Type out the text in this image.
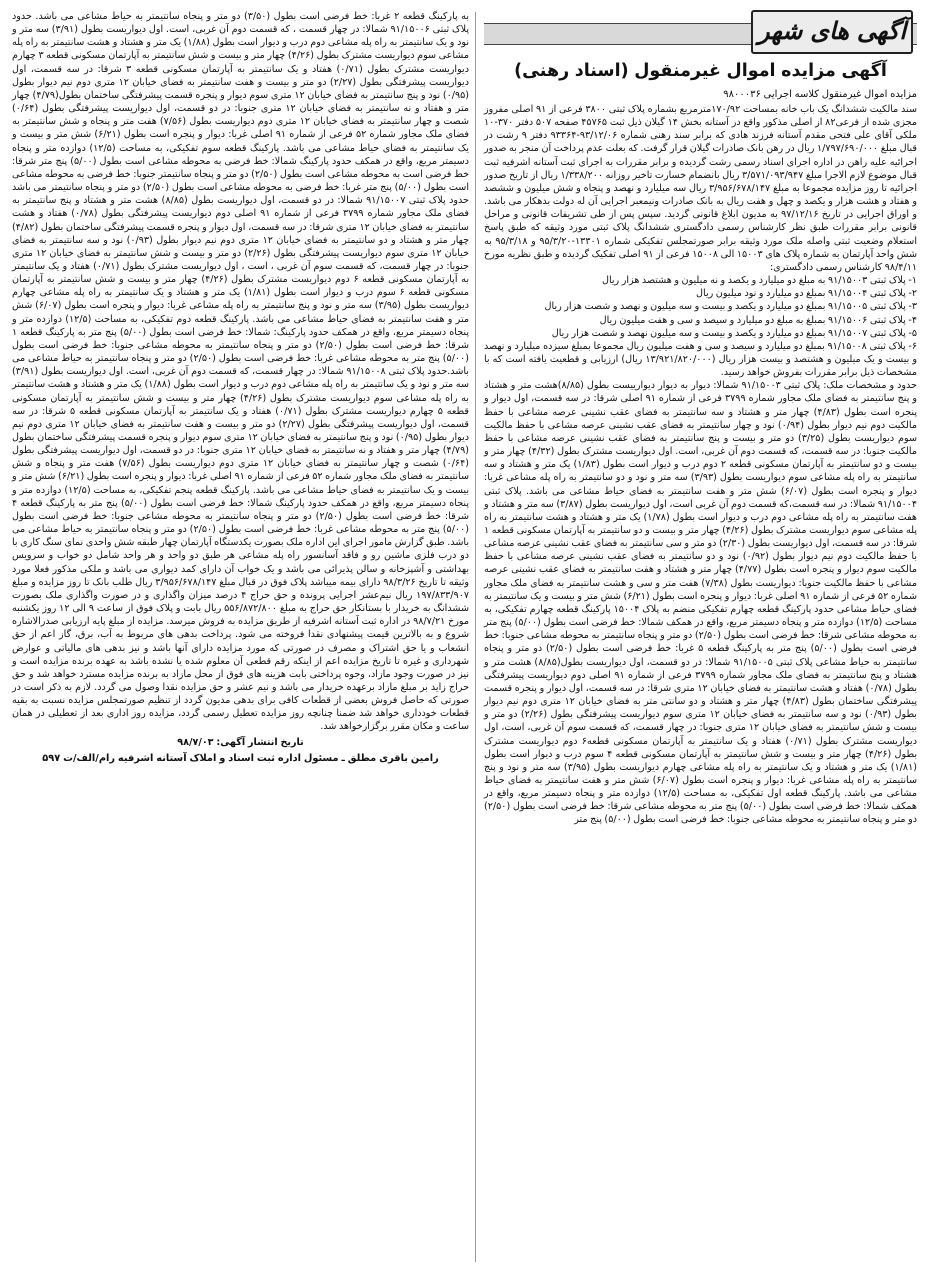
آگهی های شهر
آگهی مزایده اموال غیرمنقول (اسناد رهنی)
مزایده اموال غیرمنقول کلاسه اجرایی ۹۸۰۰۰۳۶

سند مالکیت ششدانگ یک باب خانه بمساحت ۱۷۰/۹۲مترمربع بشماره پلاک ثبتی ۳۸۰۰ فرعی از ۹۱ اصلی مفروز مجزی شده از فرعی۸۲ از اصلی مذکور واقع در آستانه بخش ۱۴ گیلان ذیل ثبت ۴۵۷۶۵ صفحه ۵۰۷ دفتر ۳۷۰-۱۰ ملکی آقای علی فتحی مقدم آستانه فرزند هادی که برابر سند رهنی شماره ۹۳/۱۲/۰۶-۹۳۳۶۴ دفتر ۹ رشت در قبال مبلغ ۱/۷۹۷/۶۹۰/۰۰۰ ریال در رهن بانک صادرات گیلان قرار گرفت. که بعلت عدم پرداخت آن منجر به صدور اجرائیه علیه راهن در اداره اجرای اسناد رسمی رشت گردیده و برابر مقررات به اجرای ثبت آستانه اشرفیه ثبت قبال موضوع لازم الاجرا مبلغ ۳/۵۷۱/۰۹۳/۹۴۷ ریال بانضمام خسارت تاخیر روزانه ۱/۳۳۸/۲۰۰ ریال از تاریخ صدور اجرائیه تا روز مزایده مجموعا به مبلغ ۳/۹۵۶/۶۷۸/۱۴۷ ریال سه میلیارد و نهصد و پنجاه و شش میلیون و ششصد و هفتاد و هشت هزار و یکصد و چهل و هفت ریال به بانک صادرات ونیمعبر اجرایی آن له دولت بدهکار می باشد. و اوراق اجرایی در تاریخ ۹۷/۱۲/۱۶ به مدیون ابلاغ قانونی گردید. سپس پس از طی تشریفات قانونی و مراحل قانونی برابر مقررات طبق نظر کارشناس رسمی دادگستری ششدانگ پلاک ثبتی مورد وثیقه که طبق پاسخ استعلام وضعیت ثبتی واصله ملک مورد وثیقه برابر صورتمجلس تفکیکی شماره ۱۳۳۰۱-۹۵/۳/۲۰ و ۹۵/۳/۱۸ به شش واحد آپارتمان به شماره پلاک های ۱۵۰۰۳ الی ۱۵۰۰۸ فرعی از ۹۱ اصلی تفکیک گردیده و طبق نظریه مورخ ۹۸/۴/۱۱ کارشناس رسمی دادگستری:

۱- پلاک ثبتی ۹۱/۱۵۰۰۳ به مبلغ دو میلیارد و یکصد و نه میلیون و هشتصد هزار ریال

۲- پلاک ثبتی ۹۱/۱۵۰۰۴ بمبلغ دو میلیارد و نود میلیون ریال

۳- پلاک ثبتی ۹۱/۱۵۰۰۵ بمبلغ دو میلیارد و یکصد و بیست و سه میلیون و نهصد و شصت هزار ریال

۴- پلاک ثبتی ۹۱/۱۵۰۰۶ بمبلغ به مبلغ دو میلیارد و سیصد و سی و هفت میلیون ریال

۵- پلاک ثبتی ۹۱/۱۵۰۰۷ بمبلغ دو میلیارد و یکصد و بیست و سه میلیون نهصد و شصت هزار ریال

۶- پلاک ثبتی ۹۱/۱۵۰۰۸ بمبلغ دو میلیارد و سیصد و سی و هفت میلیون ریال مجموعا بمبلغ سیزده میلیارد و نهصد و بیست و یک میلیون و هشتصد و بیست هزار ریال (۱۳/۹۲۱/۸۲۰/۰۰۰ ریال) ارزیابی و قطعیت یافته است که با مشخصات ذیل برابر مقررات بفروش خواهد رسید.

حدود و مشخصات ملک: پلاک ثبتی ۹۱/۱۵۰۰۳ شمالا: دیوار به دیوار دیوارییست بطول (۸/۸۵)هشت متر و هشتاد و پنج سانتیمتر به فضای ملک مجاور شماره ۳۷۹۹ فرعی از شماره ۹۱ اصلی شرقا: در سه قسمت، اول دیوار و پنجره است بطول (۴/۸۳) چهار متر و هشتاد و سه سانتیمتر به فضای عقب نشینی عرصه مشاعی با حفظ مالکیت دوم نیم دیوار بطول (۰/۹۴) نود و چهار سانتیمتر به فضای عقب نشینی عرصه مشاعی با حفظ مالکیت سوم دیواریست بطول (۳/۲۵) دو متر و بیست و پنج سانتیمتر به فضای عقب نشینی عرصه مشاعی با حفظ مالکیت جنوبا: در سه قسمت، که قسمت دوم آن غربی، است. اول دیواریست مشترک بطول (۴/۳۲) چهار متر و بیست و دو سانتیمتر به آپارتمان مسکونی قطعه ۲ دوم درب و دیوار است بطول (۱/۸۳) یک متر و هشتاد و سه سانتیمتر به راه پله مشاعی سوم دیواریست بطول (۳/۹۳) سه متر و نود و دو سانتیمتر به راه پله مشاعی غربا: دیوار و پنجره است بطول (۶/۰۷) شش متر و هفت سانتیمتر به فضای حیاط مشاعی می باشد. پلاک ثبتی ۹۱/۱۵۰۰۴ شمالا: در سه قسمت،که قسمت دوم آن غربی است، اول دیواریست بطول (۳/۸۷) سه متر و هشتاد و هفت سانتیمتر به راه پله مشاعی دوم درب و دیوار است بطول (۱/۷۸) یک متر و هشتاد و هشت سانتیمتر به راه پله مشاعی سوم دیواریست مشترک بطول (۴/۲۶) چهار متر و بیست و دو سانتیمتر به آپارتمان مسکونی قطعه ۱ شرقا: در سه قسمت، اول دیواریست بطول (۲/۳۰) دو متر و سی سانتیمتر به فضای عقب نشینی عرصه مشاعی با حفظ مالکیت دوم نیم دیوار بطول (۰/۹۲) نود و دو سانتیمتر به فضای عقب نشینی عرصه مشاعی با حفظ مالکیت سوم دیوار و پنجره است بطول (۴/۷۷) چهار متر و هشتاد و هفت سانتیمتر به فضای عقب نشینی عرصه مشاعی با حفظ مالکیت جنوبا: دیواریست بطول (۷/۳۸) هفت متر و سی و هشت سانتیمتر به فضای ملک مجاور شماره ۵۲ فرعی از شماره ۹۱ اصلی غربا: دیوار و پنجره است بطول (۶/۲۱) شش متر و بیست و یک سانتیمتر به فضای حیاط مشاعی حدود پارکینگ قطعه چهارم تفکیکی منضم به پلاک ۱۵۰۰۴ پارکینگ قطعه چهارم تفکیکی، به مساحت (۱۲/۵) دوازده متر و پنجاه دسیمتر مربع، واقع در همکف شمالا: خط فرضی است بطول (۵/۰۰) پنج متر به محوطه مشاعی شرقا: خط فرضی است بطول (۲/۵۰) دو متر و پنجاه سانتیمتر به محوطه مشاعی جنوبا: خط فرضی است بطول (۵/۰۰) پنج متر به پارکینگ قطعه ۵ غربا: خط فرضی است بطول (۲/۵۰) دو متر و پنجاه سانتیمتر به حیاط مشاعی پلاک ثبتی ۹۱/۱۵۰۰۵ شمالا: در دو قسمت، اول دیواریست بطول(۸/۸۵) هشت متر و هشتاد و پنج سانتیمتر به فضای ملک مجاور شماره ۳۷۹۹ فرعی از شماره ۹۱ اصلی دوم دیواریست پیشرفتگی بطول (۰/۷۸) هفتاد و هشت سانتیمتر به فضای خیابان ۱۲ متری شرقا: در سه قسمت، اول دیوار و پنجره قسمت پیشرفتگی ساختمان بطول (۴/۸۳) چهار متر و هشتاد و دو سانتی متر به فضای خیابان ۱۲ متری دوم نیم دیوار بطول (۰/۹۳) نود و سه سانتیمتر به فضای خیابان ۱۲ متری سوم دیواریست پیشرفتگی بطول (۲/۲۶) دو متر و بیست و شش سانتیمتر به فضای خیابان ۱۲ متری جنوبا: در چهار قسمت، که قسمت سوم آن غربی، است، اول دیواریست مشترک بطول (۰/۷۱) هفتاد و یک سانتیمتر به آپارتمان مسکونی قطعه۶ دوم دیواریست مشترک بطول (۴/۲۶) چهار متر و بیست و شش سانتیمتر به آپارتمان مسکونی قطعه ۴ سوم درب و دیوار است بطول (۱/۸۱) یک متر و هشتاد و یک سانتیمتر به راه پله مشاعی چهارم دیواریست بطول (۳/۹۵) سه متر و نود و پنج سانتیمتر به راه پله مشاعی غربا: دیوار و پنجره است بطول (۶/۰۷) شش متر و هفت سانتیمتر به فضای حیاط مشاعی می باشد. پارکینگ قطعه اول تفکیکی، به مساحت (۱۲/۵) دوازده متر و پنجاه دسیمتر مربع، واقع در همکف شمالا: خط فرضی است بطول (۵/۰۰) پنج متر به محوطه مشاعی شرقا: خط فرضی است بطول (۲/۵۰) دو متر و پنجاه سانتیمتر به محوطه مشاعی جنوبا: خط فرضی است بطول (۵/۰۰) پنج متر

به پارکینگ قطعه ۲ غربا: خط فرضی است بطول (۳/۵۰) دو متر و پنجاه سانتیمتر به حیاط مشاعی می باشد. حدود پلاک ثبتی ۹۱/۱۵۰۰۶ شمالا: در چهار قسمت ، که قسمت دوم آن غربی، است. اول دیواریست بطول (۳/۹۱) سه متر و نود و یک سانتیمتر به راه پله مشاعی دوم درب و دیوار است بطول (۱/۸۸) یک متر و هشتاد و هشت سانتیمتر به راه پله مشاعی سوم دیواریست مشترک بطول (۴/۲۶) چهار متر و بیست و شش سانتیمتر به آپارتمان مسکونی قطعه ۳ چهارم دیواریست مشترک بطول (۰/۷۱) هفتاد و یک سانتیمتر به آپارتمان مسکونی قطعه ۳ شرقا: در سه قسمت، اول دیواریست پیشرفتگی بطول (۲/۲۷) دو متر و بیست و هفت سانتیمتر به فضای خیابان ۱۲ متری دوم نیم دیوار بطول (۰/۹۵) نود و پنج سانتیمتر به فضای خیابان ۱۲ متری سوم دیوار و پنجره قسمت پیشرفتگی ساختمان بطول(۴/۷۹) چهار متر و هفتاد و نه سانتیمتر به فضای خیابان ۱۲ متری جنوبا: در دو قسمت، اول دیواریست پیشرفتگی بطول (۰/۶۴) شصت و چهار سانتیمتر به فضای خیابان ۱۲ متری دوم دیواریست بطول (۷/۵۶) هفت متر و پنجاه و شش سانتیمتر به فضای ملک مجاور شماره ۵۲ فرعی از شماره ۹۱ اصلی غربا: دیوار و پنجره است بطول (۶/۲۱) شش متر و بیست و یک سانتیمتر به فضای حیاط مشاعی می باشد. پارکینگ قطعه سوم تفکیکی، به مساحت (۱۲/۵) دوازده متر و پنجاه دسیمتر مربع، واقع در همکف حدود پارکینگ شمالا: خط فرضی به محوطه مشاعی است بطول (۵/۰۰) پنج متر شرقا: خط فرضی است به محوطه مشاعی است بطول (۲/۵۰) دو متر و پنجاه سانتیمتر جنوبا: خط فرضی به محوطه مشاعی است بطول (۵/۰۰) پنج متر غربا: خط فرضی به محوطه مشاعی است بطول (۲/۵۰) دو متر و پنجاه سانتیمتر می باشد حدود پلاک ثبتی ۹۱/۱۵۰۰۷ شمالا: در دو قسمت، اول دیواریست بطول (۸/۸۵) هشت متر و هشتاد و پنج سانتیمتر به فضای ملک مجاور شماره ۳۷۹۹ فرعی از شماره ۹۱ اصلی دوم دیواریست پیشرفتگی بطول (۰/۷۸) هفتاد و هشت سانتیمتر به فضای خیابان ۱۲ متری شرقا: در سه قسمت، اول دیوار و پنجره قسمت پیشرفتگی ساختمان بطول (۴/۸۲) چهار متر و هشتاد و دو سانتیمتر به فضای خیابان ۱۲ متری دوم نیم دیوار بطول (۰/۹۳) نود و سه سانتیمتر به فضای خیابان ۱۲ متری سوم دیواریست پیشرفتگی بطول (۲/۲۶) دو متر و بیست و شش سانتیمتر به فضای خیابان ۱۲ متری جنوبا: در چهار قسمت، که قسمت سوم آن غربی ، است ، اول دیواریست مشترک بطول (۰/۷۱) هفتاد و یک سانتیمتر به آپارتمان مسکونی قطعه ۶ دوم دیواریست مشترک بطول (۴/۲۶) چهار متر و بیست و شش سانتیمتر به آپارتمان مسکونی قطعه ۶ سوم درب و دیوار است بطول (۱/۸۱) یک متر و هشتاد و یک سانتیمتر به راه پله مشاعی چهارم دیواریست بطول (۳/۹۵) سه متر و نود و پنج سانتیمتر به راه پله مشاعی غربا: دیوار و پنجره است بطول (۶/۰۷) شش متر و هفت سانتیمتر به فضای حیاط مشاعی می باشد. پارکینگ قطعه دوم تفکیکی، به مساحت (۱۲/۵) دوازده متر و پنجاه دسیمتر مربع، واقع در همکف حدود پارکینگ: شمالا: خط فرضی است بطول (۵/۰۰) پنج متر به پارکینگ قطعه ۱ شرقا: خط فرضی است بطول (۲/۵۰) دو متر و پنجاه سانتیمتر به محوطه مشاعی جنوبا: خط فرضی است بطول (۵/۰۰) پنج متر به محوطه مشاعی غربا: خط فرضی است بطول (۲/۵۰) دو متر و پنجاه سانتیمتر به حیاط مشاعی می باشد.حدود پلاک ثبتی ۹۱/۱۵۰۰۸ شمالا: در چهار قسمت، که قسمت دوم آن غربی، است. اول دیواریست بطول (۳/۹۱) سه متر و نود و یک سانتیمتر به راه پله مشاعی دوم درب و دیوار است بطول (۱/۸۸) یک متر و هشتاد و هشت سانتیمتر به راه پله مشاعی سوم دیواریست مشترک بطول (۴/۲۶) چهار متر و بیست و شش سانتیمتر به آپارتمان مسکونی قطعه ۵ چهارم دیواریست مشترک بطول (۰/۷۱) هفتاد و یک سانتیمتر به آپارتمان مسکونی قطعه ۵ شرقا: در سه قسمت، اول دیواریست پیشرفتگی بطول (۲/۲۷) دو متر و بیست و هفت سانتیمتر به فضای خیابان ۱۲ متری دوم نیم دیوار بطول (۰/۹۵) نود و پنج سانتیمتر به فضای خیابان ۱۲ متری سوم دیوار و پنجره قسمت پیشرفتگی ساختمان بطول (۴/۷۹) چهار متر و هفتاد و نه سانتیمتر به فضای خیابان ۱۲ متری جنوبا: در دو قسمت، اول دیواریست پیشرفتگی بطول (۰/۶۴) شصت و چهار سانتیمتر به فضای خیابان ۱۲ متری دوم دیواریست بطول (۷/۵۶) هفت متر و پنجاه و شش سانتیمتر به فضای ملک مجاور شماره ۵۲ فرعی از شماره ۹۱ اصلی غربا: دیوار و پنجره است بطول (۶/۲۱) شش متر و بیست و یک سانتیمتر به فضای حیاط مشاعی می باشد. پارکینگ قطعه پنجم تفکیکی، به مساحت (۱۲/۵) دوازده متر و پنجاه دسیمتر مربع، واقع در همکف حدود پارکینگ شمالا: خط فرضی است بطول (۵/۰۰) پنج متر به پارکینگ قطعه ۴ شرقا: خط فرضی است بطول (۲/۵۰) دو متر و پنجاه سانتیمتر به محوطه مشاعی جنوبا: خط فرضی است بطول (۵/۰۰) پنج متر به محوطه مشاعی غربا: خط فرضی است بطول (۲/۵۰) دو متر و پنجاه سانتیمتر به حیاط مشاعی می باشد. طبق گزارش مامور اجرای این اداره ملک بصورت یکدستگاه آپارتمان چهار طبقه شش واحدی نمای سنگ کاری با دو درب فلزی ماشین رو و فاقد آسانسور راه پله مشاعی هر طبق دو واحد و هر واحد شامل دو خواب و سرویس بهداشتی و آشپزخانه و سالن پذیرائی می باشد و یک خواب آن دارای کمد دیواری می باشد و ملکی مذکور فعلا مورد وثیقه تا تاریخ ۹۸/۳/۲۶ دارای بیمه میباشد پلاک فوق در قبال مبلغ ۳/۹۵۶/۶۷۸/۱۴۷ ریال طلب بانک تا روز مزایده و مبلغ ۱۹۷/۸۳۳/۹۰۷ ریال نیم‌عشر اجرایی پرونده و حق حراج ۴ درصد میزان واگذاری و در صورت واگذاری ملک بصورت ششدانگ به خریدار با بستانکار حق حراج به مبلغ ۵۵۶/۸۷۲/۸۰۰ ریال بابت و پلاک فوق از ساعت ۹ الی ۱۲ روز یکشنبه مورخ ۹۸/۷/۲۱ در اداره ثبت آستانه اشرفیه از طریق مزایده به فروش میرسد. مزایده از مبلغ پایه ارزیابی صدرالاشاره شروع و به بالاترین قیمت پیشنهادی نقدا فروخته می شود. پرداخت بدهی های مربوط به آب، برق، گاز اعم از حق انشعاب و یا حق اشتراک و مصرف در صورتی که مورد مزایده دارای آنها باشد و نیز بدهی های مالیاتی و عوارض شهرداری و غیره تا تاریخ مزایده اعم از اینکه رقم قطعی آن معلوم شده یا نشده باشد به عهده برنده مزایده است و نیز در صورت وجود مازاد، وجوه پرداختی بابت هزینه های فوق از محل مازاد به برنده مزایده مسترد خواهد شد و حق حراج زاید بر مبلغ مازاد برعهده خریدار می باشد و نیم عشر و حق مزایده نقدا وصول می گردد. لازم به ذکر است در صورتی که حاصل فروش بعضی از قطعات کافی برای بدهی مدیون گردد از تنظیم صورتمجلس مزایده نسبت به بقیه قطعات خودداری خواهد شد ضمنا چنانچه روز مزایده تعطیل رسمی گردد، مزایده روز اداری بعد از تعطیلی در همان ساعت و مکان مقرر برگزارخواهد شد.

تاریخ انتشار آگهی: ۹۸/۷/۰۳
رامین باقری مطلق ـ مسئول اداره ثبت اسناد و املاک آستانه اشرفیه رام/الف/ت ۵۹۷
